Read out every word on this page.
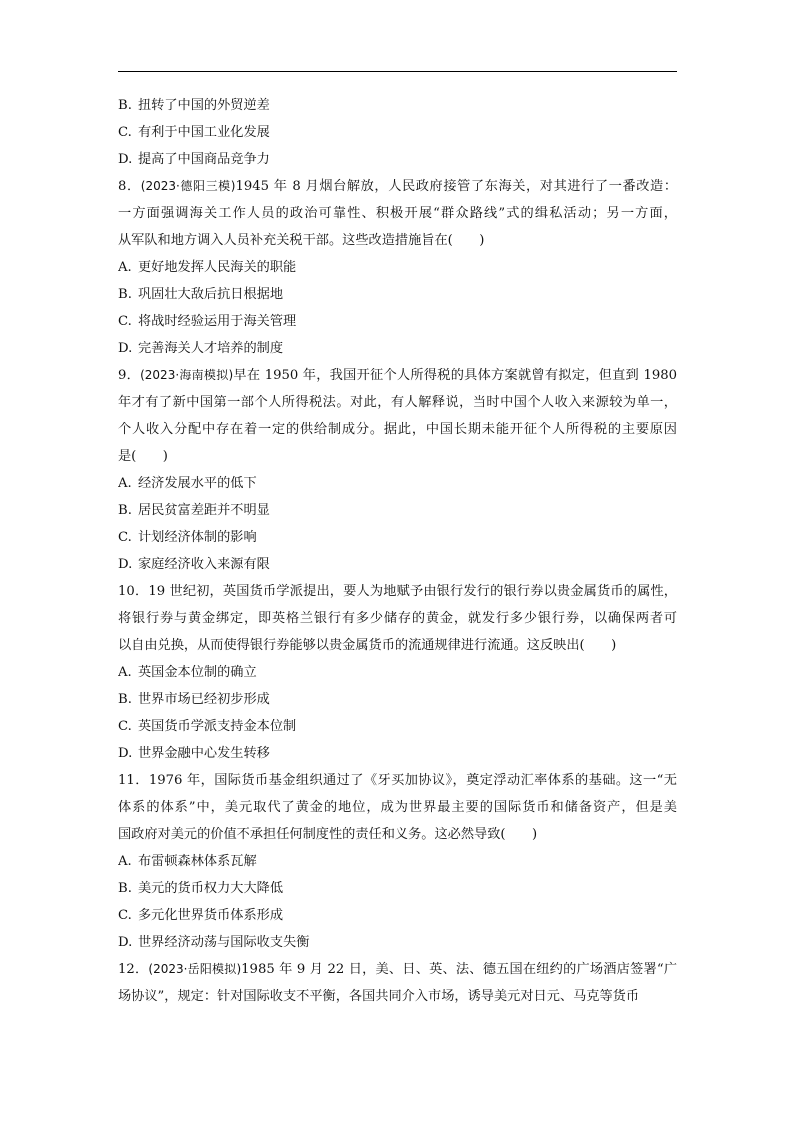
B. 扭转了中国的外贸逆差
C. 有利于中国工业化发展
D. 提高了中国商品竞争力
8．(2023·德阳三模)1945 年 8 月烟台解放，人民政府接管了东海关，对其进行了一番改造：
一方面强调海关工作人员的政治可靠性、积极开展“群众路线”式的缉私活动；另一方面，
从军队和地方调入人员补充关税干部。这些改造措施旨在(　　)
A. 更好地发挥人民海关的职能
B. 巩固壮大敌后抗日根据地
C. 将战时经验运用于海关管理
D. 完善海关人才培养的制度
9．(2023·海南模拟)早在 1950 年，我国开征个人所得税的具体方案就曾有拟定，但直到 1980
年才有了新中国第一部个人所得税法。对此，有人解释说，当时中国个人收入来源较为单一，
个人收入分配中存在着一定的供给制成分。据此，中国长期未能开征个人所得税的主要原因
是(　　)
A. 经济发展水平的低下
B. 居民贫富差距并不明显
C. 计划经济体制的影响
D. 家庭经济收入来源有限
10．19 世纪初，英国货币学派提出，要人为地赋予由银行发行的银行券以贵金属货币的属性，
将银行券与黄金绑定，即英格兰银行有多少储存的黄金，就发行多少银行券，以确保两者可
以自由兑换，从而使得银行券能够以贵金属货币的流通规律进行流通。这反映出(　　)
A. 英国金本位制的确立
B. 世界市场已经初步形成
C. 英国货币学派支持金本位制
D. 世界金融中心发生转移
11．1976 年，国际货币基金组织通过了《牙买加协议》，奠定浮动汇率体系的基础。这一“无
体系的体系”中，美元取代了黄金的地位，成为世界最主要的国际货币和储备资产，但是美
国政府对美元的价值不承担任何制度性的责任和义务。这必然导致(　　)
A. 布雷顿森林体系瓦解
B. 美元的货币权力大大降低
C. 多元化世界货币体系形成
D. 世界经济动荡与国际收支失衡
12．(2023·岳阳模拟)1985 年 9 月 22 日，美、日、英、法、德五国在纽约的广场酒店签署“广
场协议”，规定：针对国际收支不平衡，各国共同介入市场，诱导美元对日元、马克等货币
